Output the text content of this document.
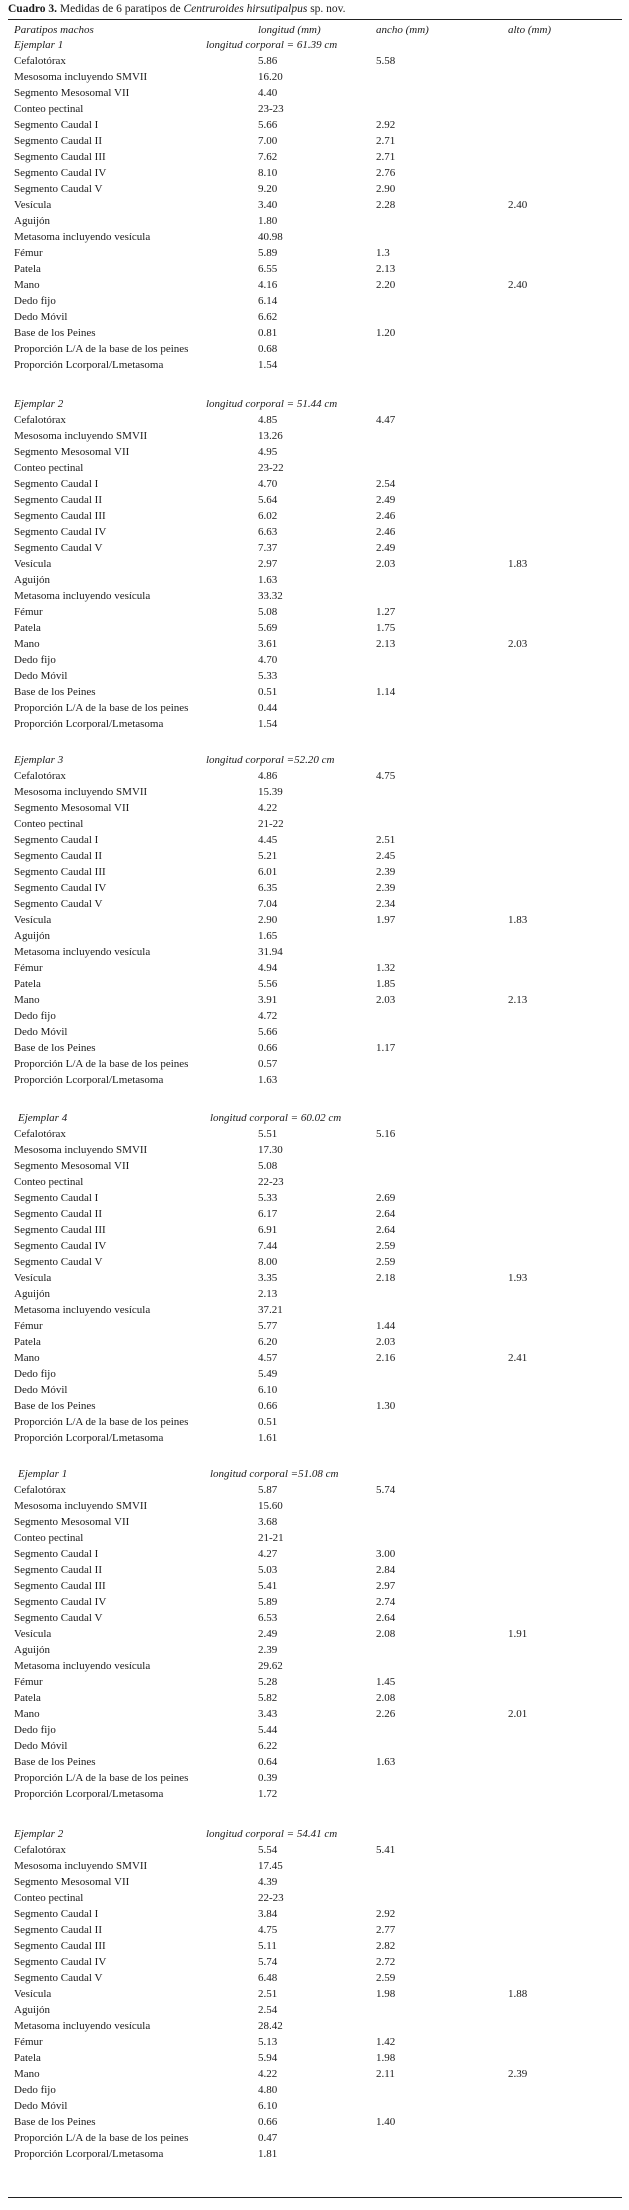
Cuadro 3. Medidas de 6 paratipos de Centruroides hirsutipalpus sp. nov.
Paratipos machos	longitud (mm)	ancho (mm)	alto (mm)
Ejemplar 1	longitud corporal = 61.39 cm
Cefalotórax	5.86	5.58
Mesosoma incluyendo SMVII	16.20
Segmento Mesosomal VII	4.40
Conteo pectinal	23-23
Segmento Caudal I	5.66	2.92
Segmento Caudal II	7.00	2.71
Segmento Caudal III	7.62	2.71
Segmento Caudal IV	8.10	2.76
Segmento Caudal V	9.20	2.90
Vesícula	3.40	2.28	2.40
Aguijón	1.80
Metasoma incluyendo vesícula	40.98
Fémur	5.89	1.3
Patela	6.55	2.13
Mano	4.16	2.20	2.40
Dedo fijo	6.14
Dedo Móvil	6.62
Base de los Peines	0.81	1.20
Proporción L/A de la base de los peines	0.68
Proporción Lcorporal/Lmetasoma	1.54
Ejemplar 2	longitud corporal = 51.44 cm
Cefalotórax	4.85	4.47
Mesosoma incluyendo SMVII	13.26
Segmento Mesosomal VII	4.95
Conteo pectinal	23-22
Segmento Caudal I	4.70	2.54
Segmento Caudal II	5.64	2.49
Segmento Caudal III	6.02	2.46
Segmento Caudal IV	6.63	2.46
Segmento Caudal V	7.37	2.49
Vesícula	2.97	2.03	1.83
Aguijón	1.63
Metasoma incluyendo vesícula	33.32
Fémur	5.08	1.27
Patela	5.69	1.75
Mano	3.61	2.13	2.03
Dedo fijo	4.70
Dedo Móvil	5.33
Base de los Peines	0.51	1.14
Proporción L/A de la base de los peines	0.44
Proporción Lcorporal/Lmetasoma	1.54
Ejemplar 3	longitud corporal =52.20 cm
Cefalotórax	4.86	4.75
Mesosoma incluyendo SMVII	15.39
Segmento Mesosomal VII	4.22
Conteo pectinal	21-22
Segmento Caudal I	4.45	2.51
Segmento Caudal II	5.21	2.45
Segmento Caudal III	6.01	2.39
Segmento Caudal IV	6.35	2.39
Segmento Caudal V	7.04	2.34
Vesícula	2.90	1.97	1.83
Aguijón	1.65
Metasoma incluyendo vesícula	31.94
Fémur	4.94	1.32
Patela	5.56	1.85
Mano	3.91	2.03	2.13
Dedo fijo	4.72
Dedo Móvil	5.66
Base de los Peines	0.66	1.17
Proporción L/A de la base de los peines	0.57
Proporción Lcorporal/Lmetasoma	1.63
Ejemplar 4	longitud corporal = 60.02 cm
Cefalotórax	5.51	5.16
Mesosoma incluyendo SMVII	17.30
Segmento Mesosomal VII	5.08
Conteo pectinal	22-23
Segmento Caudal I	5.33	2.69
Segmento Caudal II	6.17	2.64
Segmento Caudal III	6.91	2.64
Segmento Caudal IV	7.44	2.59
Segmento Caudal V	8.00	2.59
Vesícula	3.35	2.18	1.93
Aguijón	2.13
Metasoma incluyendo vesícula	37.21
Fémur	5.77	1.44
Patela	6.20	2.03
Mano	4.57	2.16	2.41
Dedo fijo	5.49
Dedo Móvil	6.10
Base de los Peines	0.66	1.30
Proporción L/A de la base de los peines	0.51
Proporción Lcorporal/Lmetasoma	1.61
Ejemplar 1	longitud corporal =51.08 cm
Cefalotórax	5.87	5.74
Mesosoma incluyendo SMVII	15.60
Segmento Mesosomal VII	3.68
Conteo pectinal	21-21
Segmento Caudal I	4.27	3.00
Segmento Caudal II	5.03	2.84
Segmento Caudal III	5.41	2.97
Segmento Caudal IV	5.89	2.74
Segmento Caudal V	6.53	2.64
Vesícula	2.49	2.08	1.91
Aguijón	2.39
Metasoma incluyendo vesícula	29.62
Fémur	5.28	1.45
Patela	5.82	2.08
Mano	3.43	2.26	2.01
Dedo fijo	5.44
Dedo Móvil	6.22
Base de los Peines	0.64	1.63
Proporción L/A de la base de los peines	0.39
Proporción Lcorporal/Lmetasoma	1.72
Ejemplar 2	longitud corporal = 54.41 cm
Cefalotórax	5.54	5.41
Mesosoma incluyendo SMVII	17.45
Segmento Mesosomal VII	4.39
Conteo pectinal	22-23
Segmento Caudal I	3.84	2.92
Segmento Caudal II	4.75	2.77
Segmento Caudal III	5.11	2.82
Segmento Caudal IV	5.74	2.72
Segmento Caudal V	6.48	2.59
Vesícula	2.51	1.98	1.88
Aguijón	2.54
Metasoma incluyendo vesícula	28.42
Fémur	5.13	1.42
Patela	5.94	1.98
Mano	4.22	2.11	2.39
Dedo fijo	4.80
Dedo Móvil	6.10
Base de los Peines	0.66	1.40
Proporción L/A de la base de los peines	0.47
Proporción Lcorporal/Lmetasoma	1.81
